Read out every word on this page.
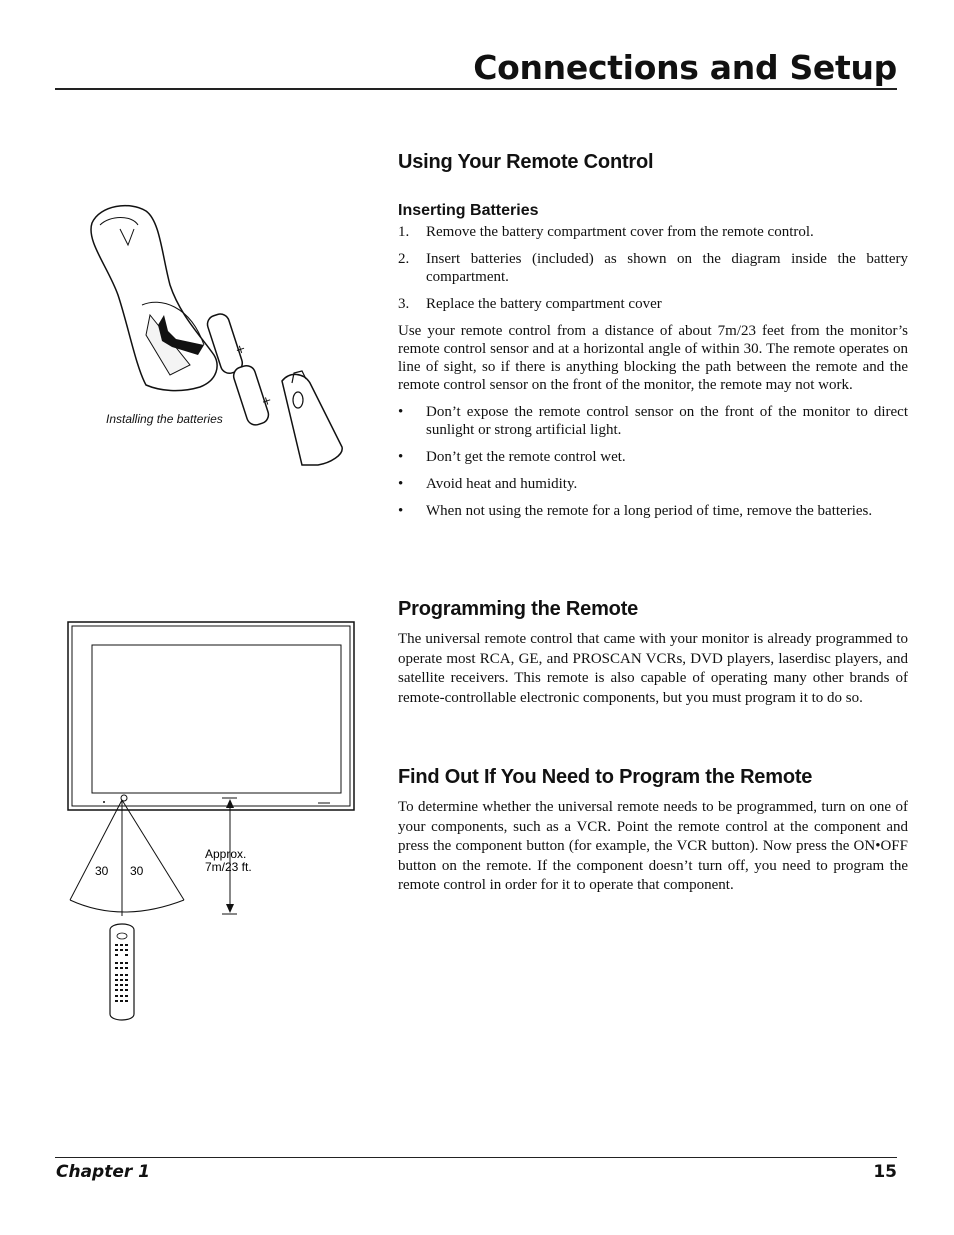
Connections and Setup
+
+
Installing the batteries
30 30
Approx.
7m/23 ft.
Using Your Remote Control
Inserting Batteries
1. Remove the battery compartment cover from the remote control.
2. Insert batteries (included) as shown on the diagram inside the battery compartment.
3. Replace the battery compartment cover

Use your remote control from a distance of about 7m/23 feet from the monitor’s remote control sensor and at a horizontal angle of within 30. The remote operates on line of sight, so if there is anything blocking the path between the remote and the remote control sensor on the front of the monitor, the remote may not work.

• Don’t expose the remote control sensor on the front of the monitor to direct sunlight or strong artificial light.
• Don’t get the remote control wet.
• Avoid heat and humidity.
• When not using the remote for a long period of time, remove the batteries.
Programming the Remote

The universal remote control that came with your monitor is already programmed to operate most RCA, GE, and PROSCAN VCRs, DVD players, laserdisc players, and satellite receivers. This remote is also capable of operating many other brands of remote-controllable electronic components, but you must program it to do so.

Find Out If You Need to Program the Remote

To determine whether the universal remote needs to be programmed, turn on one of your components, such as a VCR. Point the remote control at the component and press the component button (for example, the VCR button). Now press the ON•OFF button on the remote. If the component doesn’t turn off, you need to program the remote control in order for it to operate that component.

Chapter 1	15
